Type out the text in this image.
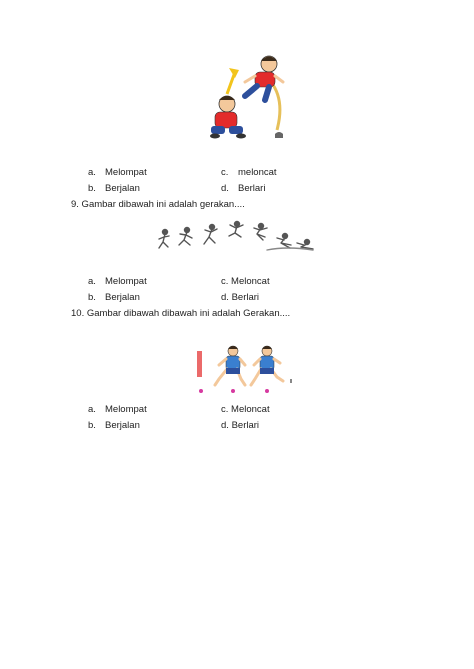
a. Melompat	c. meloncat
b. Berjalan	d. Berlari
9. Gambar dibawah ini adalah gerakan....
a. Melompat	c. Meloncat
b. Berjalan	d. Berlari
10. Gambar dibawah dibawah ini adalah Gerakan....
a. Melompat	c. Meloncat
b. Berjalan	d. Berlari
